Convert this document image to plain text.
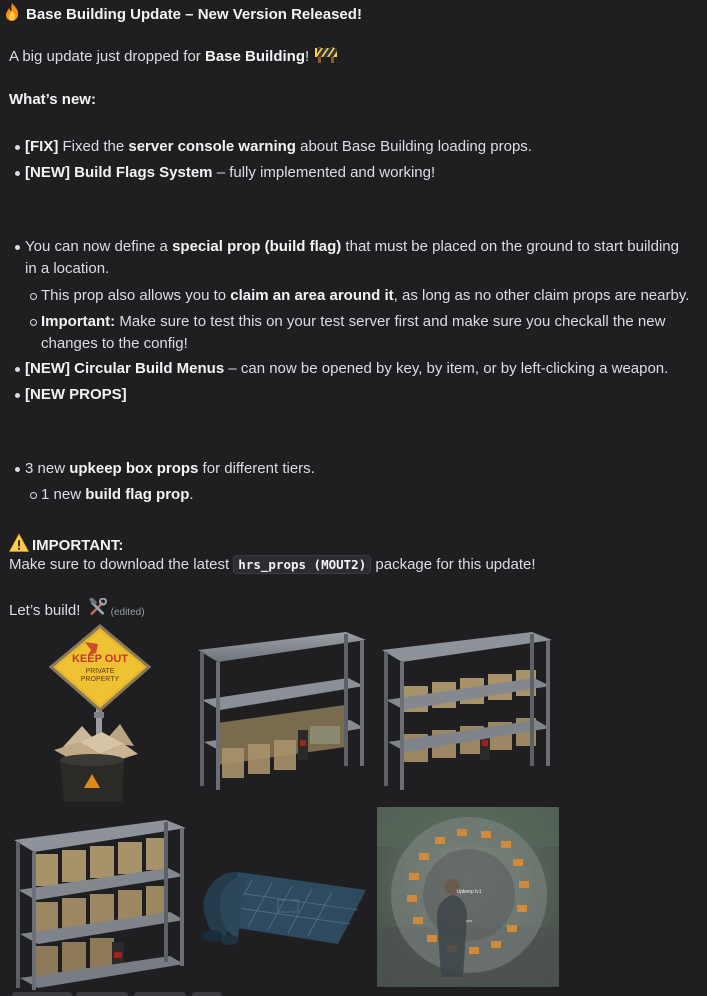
Base Building Update – New Version Released!
A big update just dropped for Base Building!
What’s new:
[FIX] Fixed the server console warning about Base Building loading props.
[NEW] Build Flags System – fully implemented and working!
You can now define a special prop (build flag) that must be placed on the ground to start building
in a location.
This prop also allows you to claim an area around it, as long as no other claim props are nearby.
Important: Make sure to test this on your test server first and make sure you checkall the new
changes to the config!
[NEW] Circular Build Menus – can now be opened by key, by item, or by left-clicking a weapon.
[NEW PROPS]
3 new upkeep box props for different tiers.
1 new build flag prop.
IMPORTANT:
Make sure to download the latest hrs_props (MOUT2) package for this update!
Let’s build!	(edited)
KEEP OUT
PRIVATE
PROPERTY
Upkeep lv1
yes
